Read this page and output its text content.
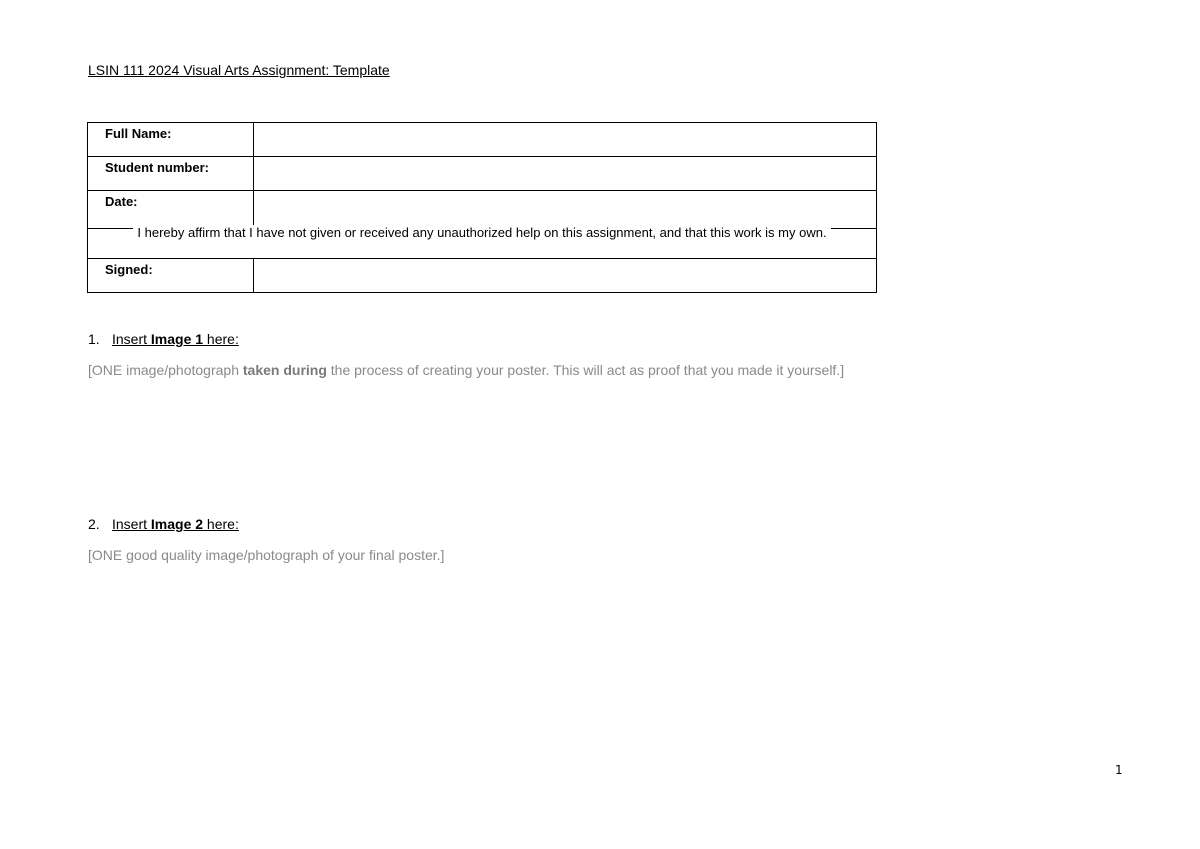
LSIN 111 2024 Visual Arts Assignment: Template
Full Name:	
Student number:	
Date:	

I hereby affirm that I have not given or received any unauthorized help on this assignment, and that this work is my own.	
Signed:	

1. Insert Image 1 here:

[ONE image/photograph taken during the process of creating your poster. This will act as proof that you made it yourself.]

2. Insert Image 2 here:

[ONE good quality image/photograph of your final poster.]

1
